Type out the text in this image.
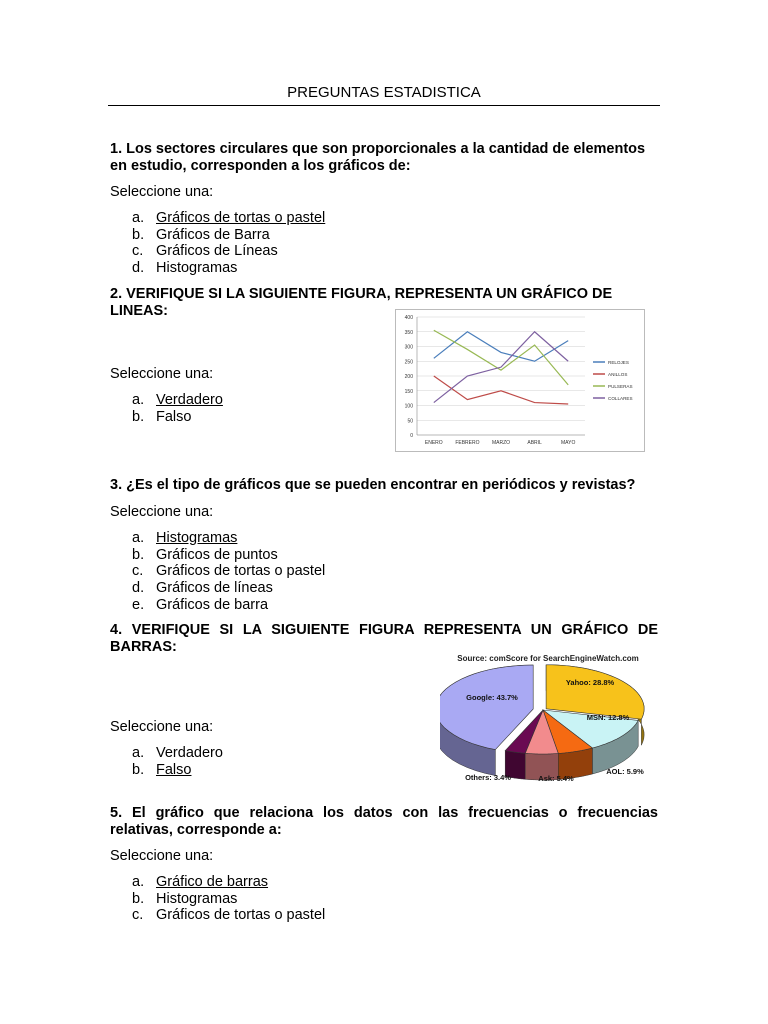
PREGUNTAS ESTADISTICA
1. Los sectores circulares que son proporcionales a la cantidad de elementos en estudio, corresponden a los gráficos de:
Seleccione una:
a. Gráficos de tortas o pastel
b. Gráficos de Barra
c. Gráficos de Líneas
d. Histogramas
2. VERIFIQUE SI LA SIGUIENTE FIGURA, REPRESENTA UN GRÁFICO DE LINEAS:
Seleccione una:
a. Verdadero
b. Falso
0
50
100
150
200
250
300
350
400
ENERO	FEBRERO MARZO	ABRIL	MAYO
RELOJES
ANILLOS
PULSERAS
COLLARES
3. ¿Es el tipo de gráficos que se pueden encontrar en periódicos y revistas?
Seleccione una:
a. Histogramas
b. Gráficos de puntos
c. Gráficos de tortas o pastel
d. Gráficos de líneas
e. Gráficos de barra
4. VERIFIQUE SI LA SIGUIENTE FIGURA REPRESENTA UN GRÁFICO DE BARRAS:
Seleccione una:
a. Verdadero
b. Falso
Source: comScore for SearchEngineWatch.com
Yahoo: 28.8%
MSN: 12.8%
AOL: 5.9%
Ask: 5.4%
Others: 3.4%
Google: 43.7%
5. El gráfico que relaciona los datos con las frecuencias o frecuencias relativas, corresponde a:
Seleccione una:
a. Gráfico de barras
b. Histogramas
c. Gráficos de tortas o pastel
